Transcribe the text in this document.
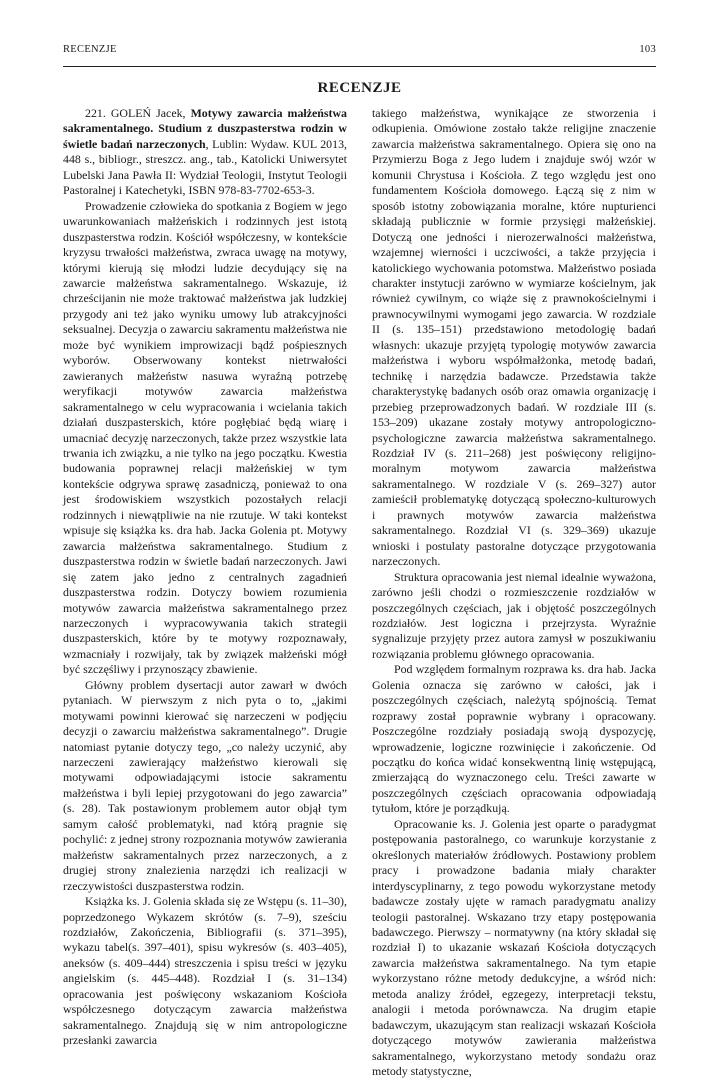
RECENZJE	103
RECENZJE

221. GOLEŃ Jacek, Motywy zawarcia małżeństwa sakramentalnego. Studium z duszpasterstwa rodzin w świetle badań narzeczonych, Lublin: Wydaw. KUL 2013, 448 s., bibliogr., streszcz. ang., tab., Katolicki Uniwersytet Lubelski Jana Pawła II: Wydział Teologii, Instytut Teologii Pastoralnej i Katechetyki, ISBN 978-83-7702-653-3.

Prowadzenie człowieka do spotkania z Bogiem w jego uwarunkowaniach małżeńskich i rodzinnych jest istotą duszpasterstwa rodzin. Kościół współczesny, w kontekście kryzysu trwałości małżeństwa, zwraca uwagę na motywy, którymi kierują się młodzi ludzie decydujący się na zawarcie małżeństwa sakramentalnego. Wskazuje, iż chrześcijanin nie może traktować małżeństwa jak ludzkiej przygody ani też jako wyniku umowy lub atrakcyjności seksualnej. Decyzja o zawarciu sakramentu małżeństwa nie może być wynikiem improwizacji bądź pośpiesznych wyborów. Obserwowany kontekst nietrwałości zawieranych małżeństw nasuwa wyraźną potrzebę weryfikacji motywów zawarcia małżeństwa sakramentalnego w celu wypracowania i wcielania takich działań duszpasterskich, które pogłębiać będą wiarę i umacniać decyzję narzeczonych, także przez wszystkie lata trwania ich związku, a nie tylko na jego początku. Kwestia budowania poprawnej relacji małżeńskiej w tym kontekście odgrywa sprawę zasadniczą, ponieważ to ona jest środowiskiem wszystkich pozostałych relacji rodzinnych i niewątpliwie na nie rzutuje. W taki kontekst wpisuje się książka ks. dra hab. Jacka Golenia pt. Motywy zawarcia małżeństwa sakramentalnego. Studium z duszpasterstwa rodzin w świetle badań narzeczonych. Jawi się zatem jako jedno z centralnych zagadnień duszpasterstwa rodzin. Dotyczy bowiem rozumienia motywów zawarcia małżeństwa sakramentalnego przez narzeczonych i wypracowywania takich strategii duszpasterskich, które by te motywy rozpoznawały, wzmacniały i rozwijały, tak by związek małżeński mógł być szczęśliwy i przynoszący zbawienie.

Główny problem dysertacji autor zawarł w dwóch pytaniach. W pierwszym z nich pyta o to, „jakimi motywami powinni kierować się narzeczeni w podjęciu decyzji o zawarciu małżeństwa sakramentalnego”. Drugie natomiast pytanie dotyczy tego, „co należy uczynić, aby narzeczeni zawierający małżeństwo kierowali się motywami odpowiadającymi istocie sakramentu małżeństwa i byli lepiej przygotowani do jego zawarcia” (s. 28). Tak postawionym problemem autor objął tym samym całość problematyki, nad którą pragnie się pochylić: z jednej strony rozpoznania motywów zawierania małżeństw sakramentalnych przez narzeczonych, a z drugiej strony znalezienia narzędzi ich realizacji w rzeczywistości duszpasterstwa rodzin.

Książka ks. J. Golenia składa się ze Wstępu (s. 11–30), poprzedzonego Wykazem skrótów (s. 7–9), sześciu rozdziałów, Zakończenia, Bibliografii (s. 371–395), wykazu tabel(s. 397–401), spisu wykresów (s. 403–405), aneksów (s. 409–444) streszczenia i spisu treści w języku angielskim (s. 445–448). Rozdział I (s. 31–134) opracowania jest poświęcony wskazaniom Kościoła współczesnego dotyczącym zawarcia małżeństwa sakramentalnego. Znajdują się w nim antropologiczne przesłanki zawarcia

takiego małżeństwa, wynikające ze stworzenia i odkupienia. Omówione zostało także religijne znaczenie zawarcia małżeństwa sakramentalnego. Opiera się ono na Przymierzu Boga z Jego ludem i znajduje swój wzór w komunii Chrystusa i Kościoła. Z tego względu jest ono fundamentem Kościoła domowego. Łączą się z nim w sposób istotny zobowiązania moralne, które nupturienci składają publicznie w formie przysięgi małżeńskiej. Dotyczą one jedności i nierozerwalności małżeństwa, wzajemnej wierności i uczciwości, a także przyjęcia i katolickiego wychowania potomstwa. Małżeństwo posiada charakter instytucji zarówno w wymiarze kościelnym, jak również cywilnym, co wiąże się z prawnokościelnymi i prawnocywilnymi wymogami jego zawarcia. W rozdziale II (s. 135–151) przedstawiono metodologię badań własnych: ukazuje przyjętą typologię motywów zawarcia małżeństwa i wyboru współmałżonka, metodę badań, technikę i narzędzia badawcze. Przedstawia także charakterystykę badanych osób oraz omawia organizację i przebieg przeprowadzonych badań. W rozdziale III (s. 153–209) ukazane zostały motywy antropologiczno-psychologiczne zawarcia małżeństwa sakramentalnego. Rozdział IV (s. 211–268) jest poświęcony religijno-moralnym motywom zawarcia małżeństwa sakramentalnego. W rozdziale V (s. 269–327) autor zamieścił problematykę dotyczącą społeczno-kulturowych i prawnych motywów zawarcia małżeństwa sakramentalnego. Rozdział VI (s. 329–369) ukazuje wnioski i postulaty pastoralne dotyczące przygotowania narzeczonych.

Struktura opracowania jest niemal idealnie wyważona, zarówno jeśli chodzi o rozmieszczenie rozdziałów w poszczególnych częściach, jak i objętość poszczególnych rozdziałów. Jest logiczna i przejrzysta. Wyraźnie sygnalizuje przyjęty przez autora zamysł w poszukiwaniu rozwiązania problemu głównego opracowania.

Pod względem formalnym rozprawa ks. dra hab. Jacka Golenia oznacza się zarówno w całości, jak i poszczególnych częściach, należytą spójnością. Temat rozprawy został poprawnie wybrany i opracowany. Poszczególne rozdziały posiadają swoją dyspozycję, wprowadzenie, logiczne rozwinięcie i zakończenie. Od początku do końca widać konsekwentną linię wstępującą, zmierzającą do wyznaczonego celu. Treści zawarte w poszczególnych częściach opracowania odpowiadają tytułom, które je porządkują.

Opracowanie ks. J. Golenia jest oparte o paradygmat postępowania pastoralnego, co warunkuje korzystanie z określonych materiałów źródłowych. Postawiony problem pracy i prowadzone badania miały charakter interdyscyplinarny, z tego powodu wykorzystane metody badawcze zostały ujęte w ramach paradygmatu analizy teologii pastoralnej. Wskazano trzy etapy postępowania badawczego. Pierwszy – normatywny (na który składał się rozdział I) to ukazanie wskazań Kościoła dotyczących zawarcia małżeństwa sakramentalnego. Na tym etapie wykorzystano różne metody dedukcyjne, a wśród nich: metoda analizy źródeł, egzegezy, interpretacji tekstu, analogii i metoda porównawcza. Na drugim etapie badawczym, ukazującym stan realizacji wskazań Kościoła dotyczącego motywów zawierania małżeństwa sakramentalnego, wykorzystano metody sondażu oraz metody statystyczne,
